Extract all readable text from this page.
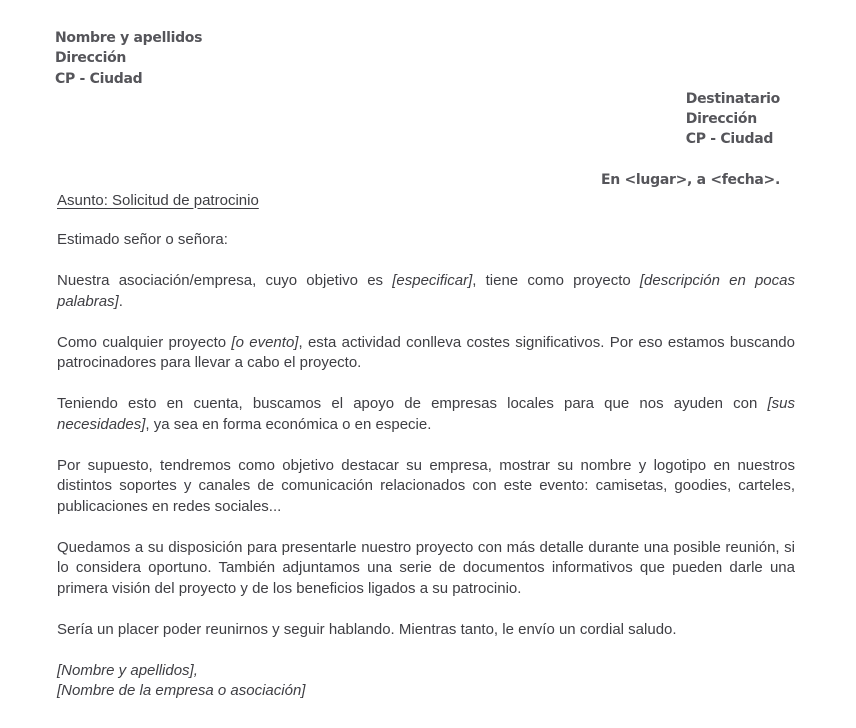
Nombre y apellidos
Dirección
CP - Ciudad
Destinatario
Dirección
CP - Ciudad
En <lugar>, a <fecha>.
Asunto: Solicitud de patrocinio
Estimado señor o señora:

Nuestra asociación/empresa, cuyo objetivo es [especificar], tiene como proyecto [descripción en pocas palabras].

Como cualquier proyecto [o evento], esta actividad conlleva costes significativos. Por eso estamos buscando patrocinadores para llevar a cabo el proyecto.

Teniendo esto en cuenta, buscamos el apoyo de empresas locales para que nos ayuden con [sus necesidades], ya sea en forma económica o en especie.

Por supuesto, tendremos como objetivo destacar su empresa, mostrar su nombre y logotipo en nuestros distintos soportes y canales de comunicación relacionados con este evento: camisetas, goodies, carteles, publicaciones en redes sociales...

Quedamos a su disposición para presentarle nuestro proyecto con más detalle durante una posible reunión, si lo considera oportuno. También adjuntamos una serie de documentos informativos que pueden darle una primera visión del proyecto y de los beneficios ligados a su patrocinio.

Sería un placer poder reunirnos y seguir hablando. Mientras tanto, le envío un cordial saludo.

[Nombre y apellidos],
[Nombre de la empresa o asociación]
